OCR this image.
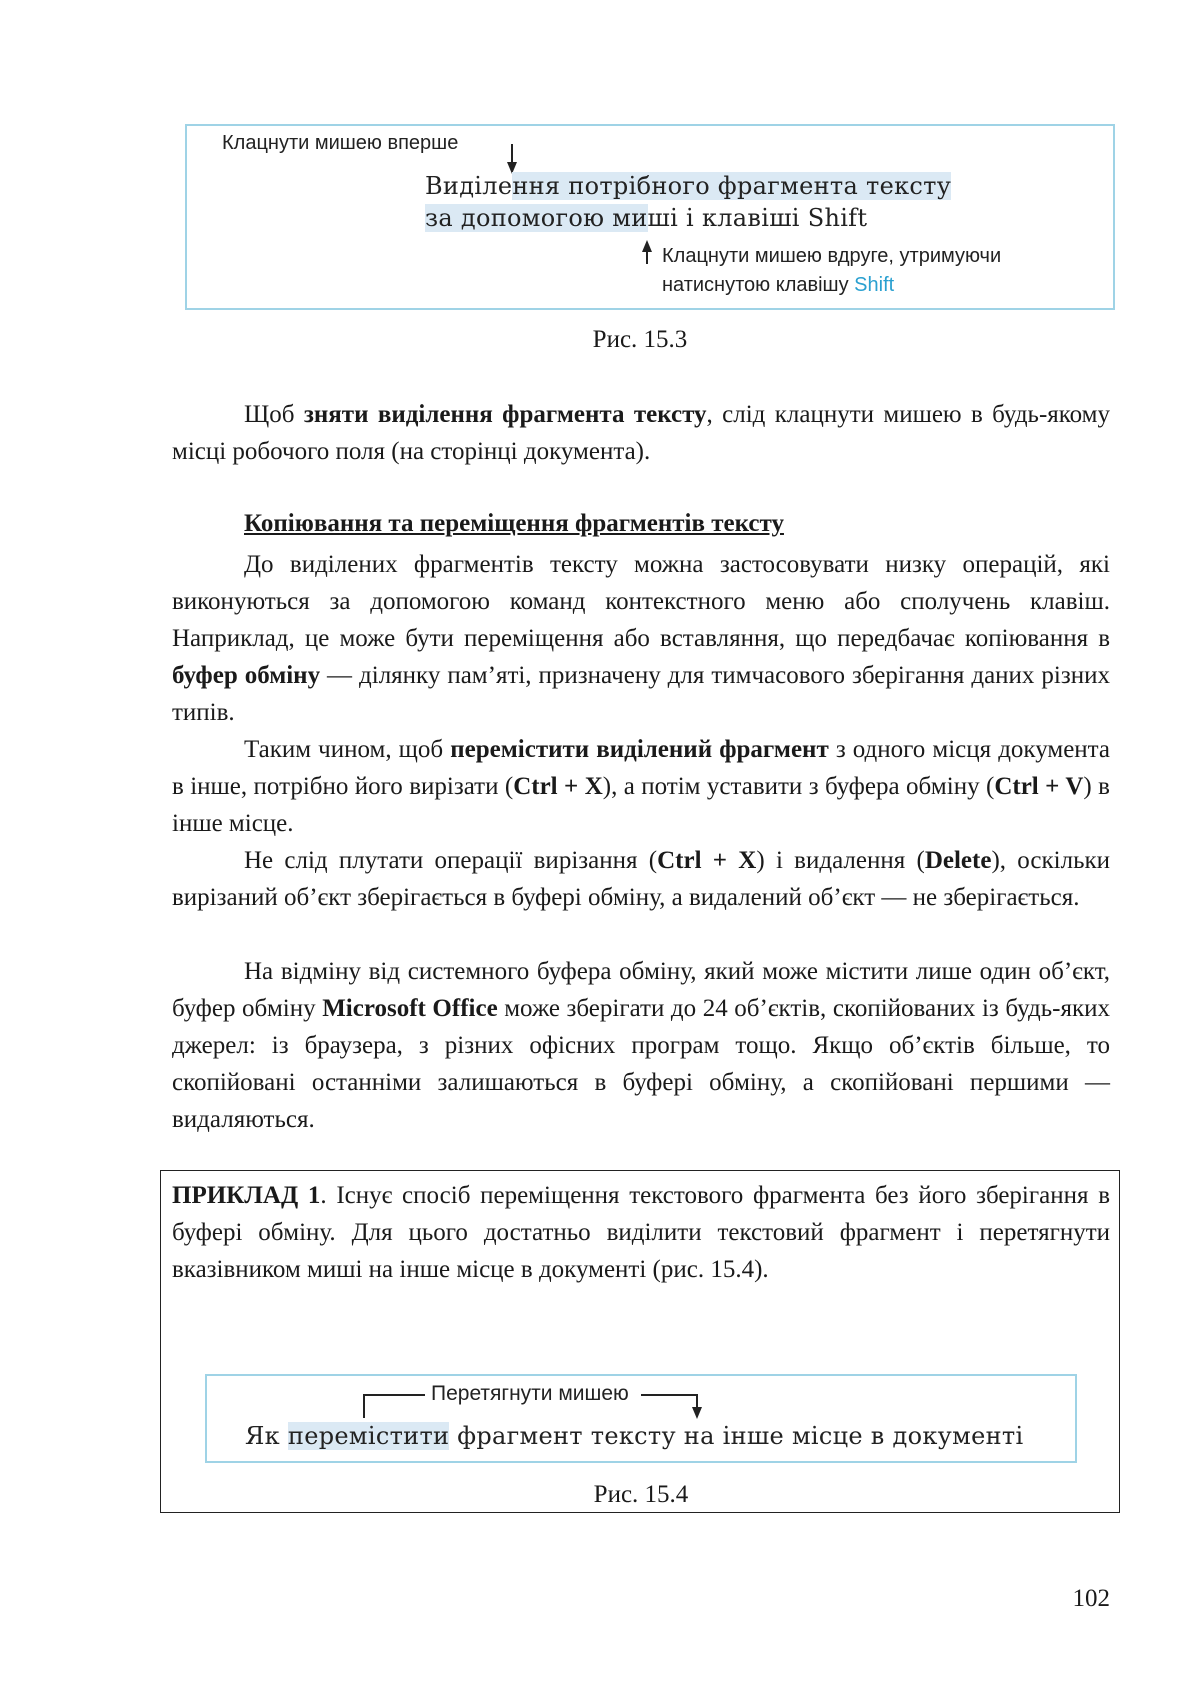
Клацнути мишею вперше
Виділення потрібного фрагмента тексту
за допомогою миші і клавіші Shift
Клацнути мишею вдруге, утримуючи
натиснутою клавішу Shift
Рис. 15.3

Щоб зняти виділення фрагмента тексту, слід клацнути мишею в будь-якому місці робочого поля (на сторінці документа).

Копіювання та переміщення фрагментів тексту

До виділених фрагментів тексту можна застосовувати низку операцій, які виконуються за допомогою команд контекстного меню або сполучень клавіш. Наприклад, це може бути переміщення або вставляння, що передбачає копіювання в буфер обміну — ділянку пам’яті, призначену для тимчасового зберігання даних різних типів.

Таким чином, щоб перемістити виділений фрагмент з одного місця документа в інше, потрібно його вирізати (Ctrl + X), а потім уставити з буфера обміну (Ctrl + V) в інше місце.

Не слід плутати операції вирізання (Ctrl + X) і видалення (Delete), оскільки вирізаний об’єкт зберігається в буфері обміну, а видалений об’єкт — не зберігається.

На відміну від системного буфера обміну, який може містити лише один об’єкт, буфер обміну Microsoft Office може зберігати до 24 об’єктів, скопійованих із будь-яких джерел: із браузера, з різних офісних програм тощо. Якщо об’єктів більше, то скопійовані останніми залишаються в буфері обміну, а скопійовані першими — видаляються.

ПРИКЛАД 1. Існує спосіб переміщення текстового фрагмента без його зберігання в буфері обміну. Для цього достатньо виділити текстовий фрагмент і перетягнути вказівником миші на інше місце в документі (рис. 15.4).
Перетягнути мишею
Як перемістити фрагмент тексту на інше місце в документі
Рис. 15.4
102
